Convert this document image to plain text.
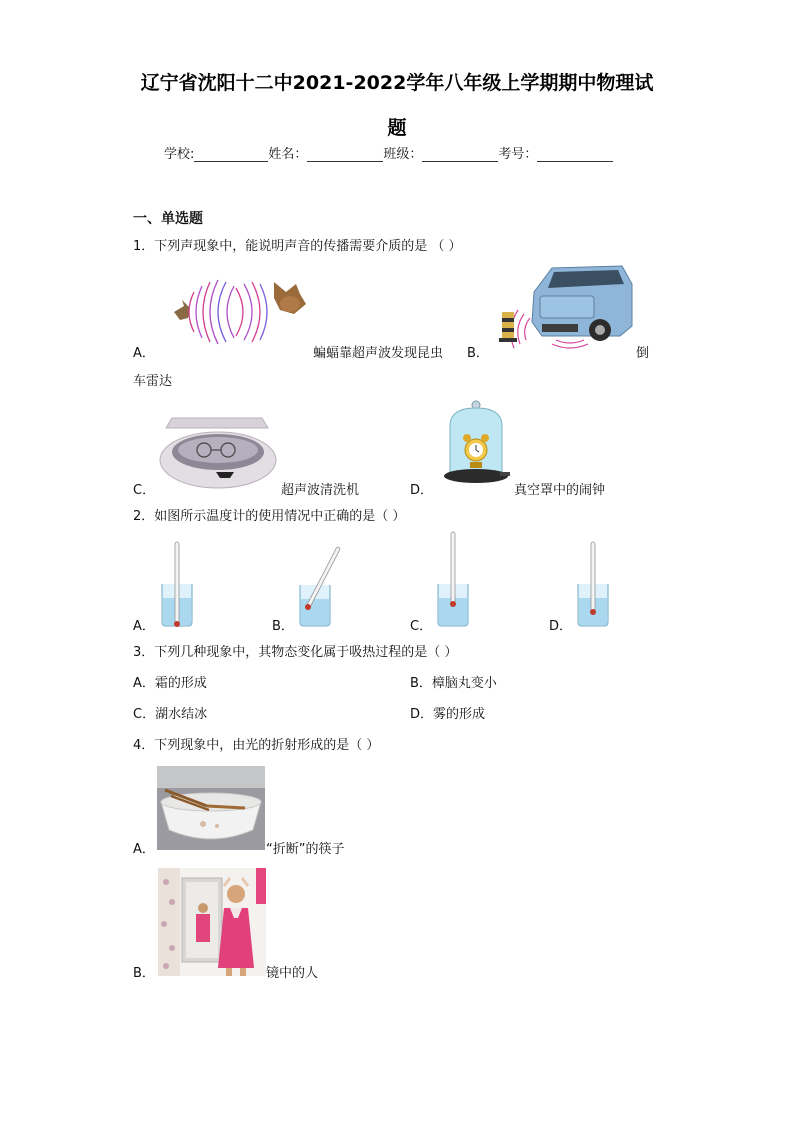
辽宁省沈阳十二中2021-2022学年八年级上学期期中物理试
题
学校:	姓名：	班级：	考号：
一、单选题
1．下列声现象中，能说明声音的传播需要介质的是 （ ）
A．	蝙蝠靠超声波发现昆虫 B．	倒
车雷达
C．	超声波清洗机	D．	真空罩中的闹钟
2．如图所示温度计的使用情况中正确的是（ ）
A．	B．	C．	D．
3．下列几种现象中，其物态变化属于吸热过程的是（ ）
A．霜的形成	B．樟脑丸变小
C．湖水结冰	D．雾的形成
4．下列现象中，由光的折射形成的是（ ）
A．	“折断”的筷子
B．	镜中的人
